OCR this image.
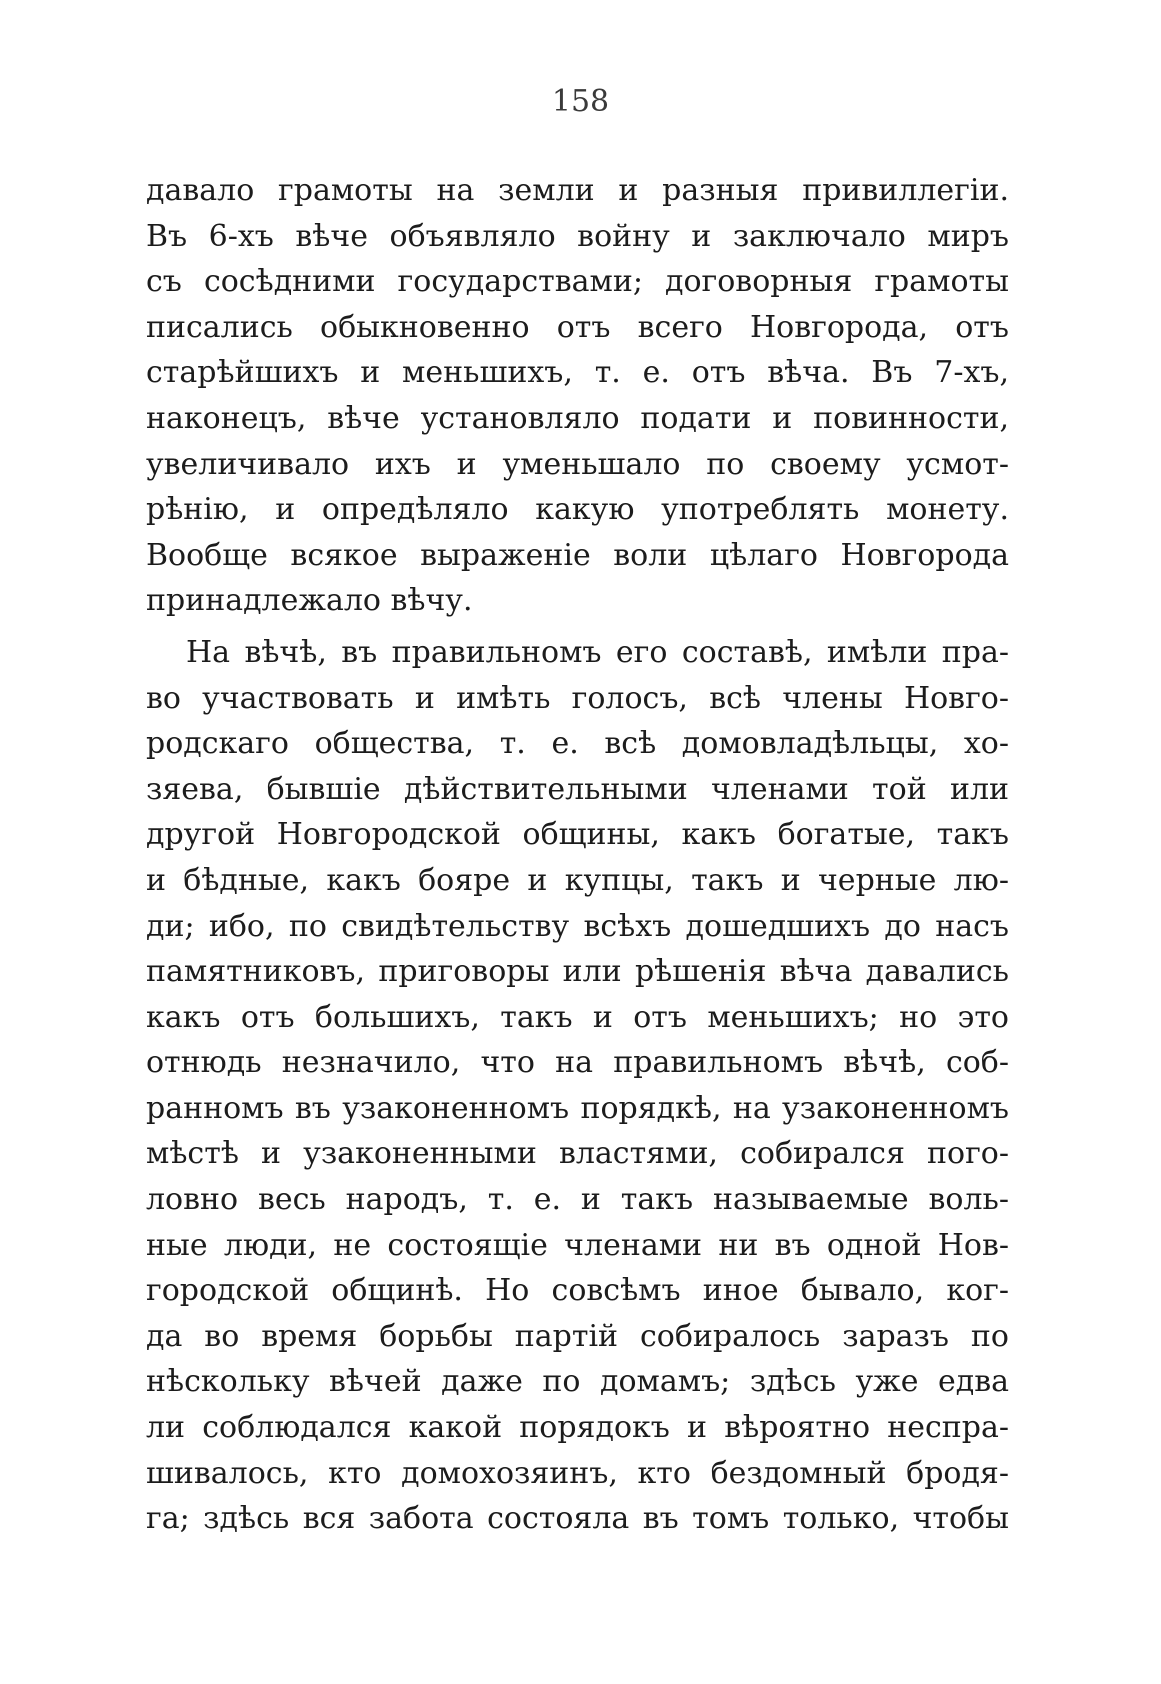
158
давало грамоты на земли и разныя привиллегіи.
Въ 6-хъ вѣче объявляло войну и заключало миръ
съ сосѣдними государствами; договорныя грамоты
писались обыкновенно отъ всего Новгорода, отъ
старѣйшихъ и меньшихъ, т. е. отъ вѣча. Въ 7-хъ,
наконецъ, вѣче установляло подати и повинности,
увеличивало ихъ и уменьшало по своему усмот-
рѣнію, и опредѣляло какую употреблять монету.
Вообще всякое выраженіе воли цѣлаго Новгорода
принадлежало вѣчу.
На вѣчѣ, въ правильномъ его составѣ, имѣли пра-
во участвовать и имѣть голосъ, всѣ члены Новго-
родскаго общества, т. е. всѣ домовладѣльцы, хо-
зяева, бывшіе дѣйствительными членами той или
другой Новгородской общины, какъ богатые, такъ
и бѣдные, какъ бояре и купцы, такъ и черные лю-
ди; ибо, по свидѣтельству всѣхъ дошедшихъ до насъ
памятниковъ, приговоры или рѣшенія вѣча давались
какъ отъ большихъ, такъ и отъ меньшихъ; но это
отнюдь незначило, что на правильномъ вѣчѣ, соб-
ранномъ въ узаконенномъ порядкѣ, на узаконенномъ
мѣстѣ и узаконенными властями, собирался пого-
ловно весь народъ, т. е. и такъ называемые воль-
ные люди, не состоящіе членами ни въ одной Нов-
городской общинѣ. Но совсѣмъ иное бывало, ког-
да во время борьбы партій собиралось заразъ по
нѣскольку вѣчей даже по домамъ; здѣсь уже едва
ли соблюдался какой порядокъ и вѣроятно неспра-
шивалось, кто домохозяинъ, кто бездомный бродя-
га; здѣсь вся забота состояла въ томъ только, чтобы
